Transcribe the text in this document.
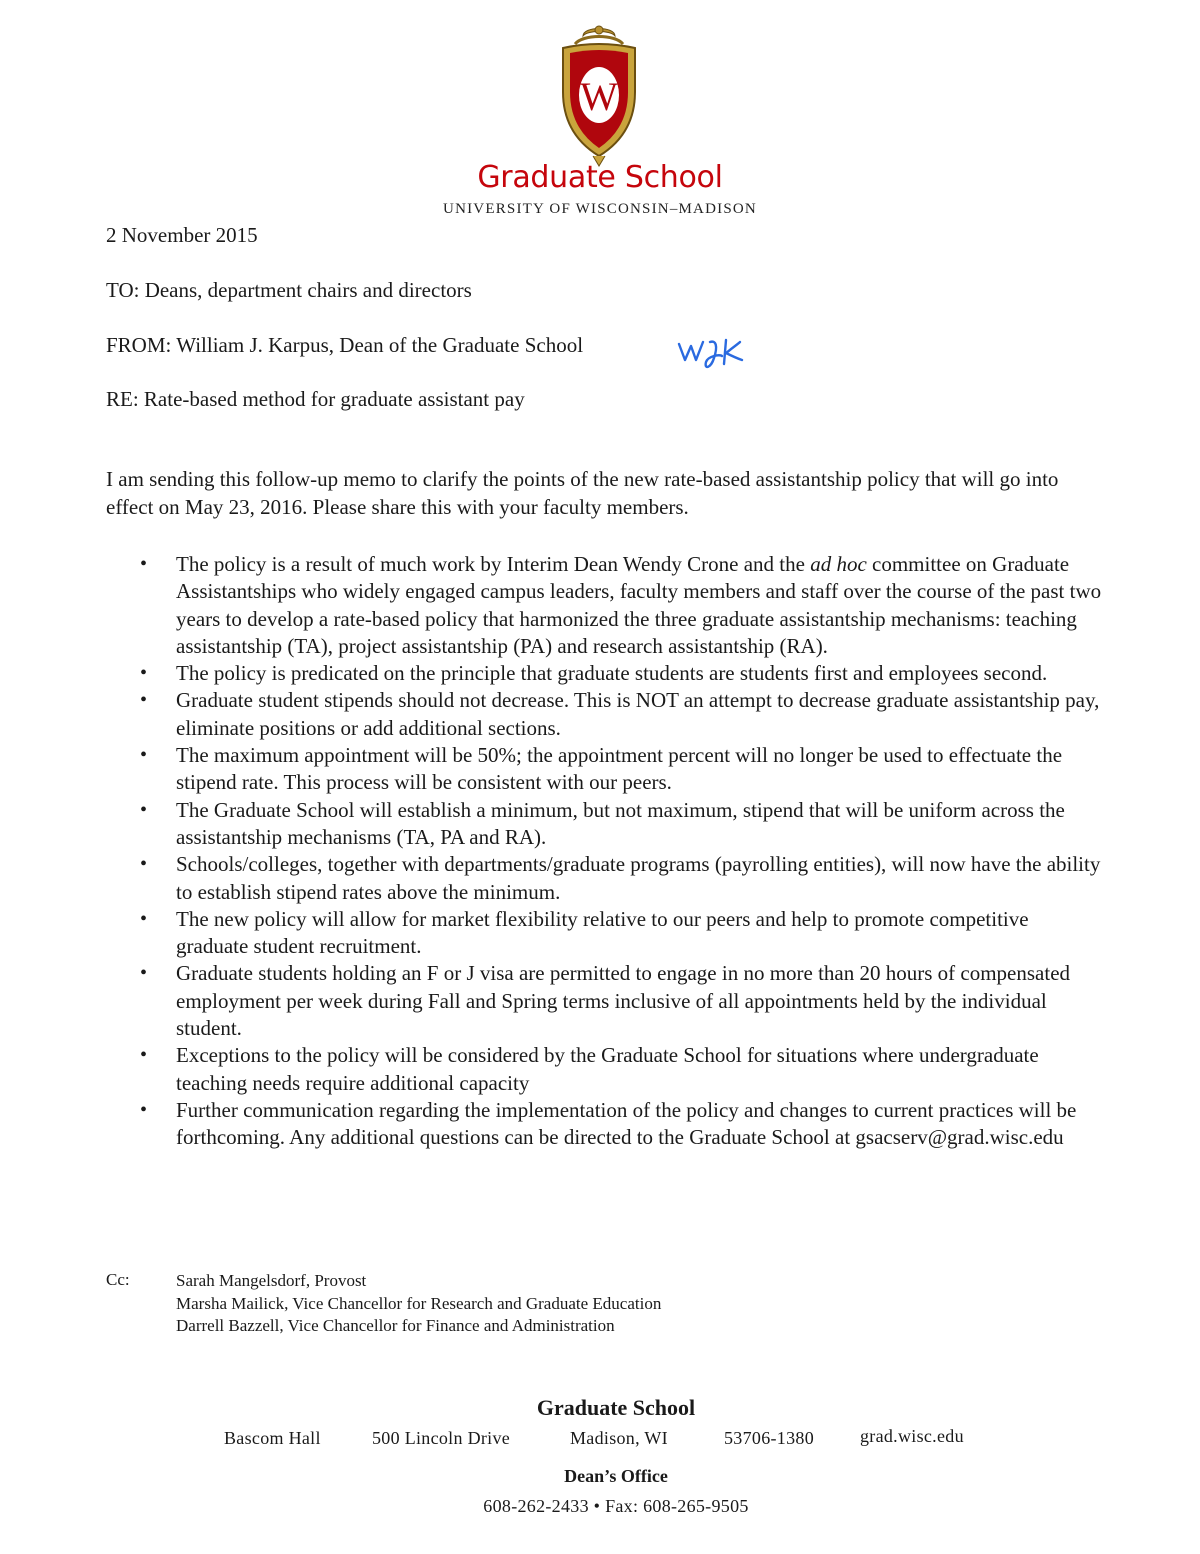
W
Graduate School
UNIVERSITY OF WISCONSIN–MADISON
2 November 2015
TO: Deans, department chairs and directors
FROM: William J. Karpus, Dean of the Graduate School
RE: Rate-based method for graduate assistant pay
I am sending this follow-up memo to clarify the points of the new rate-based assistantship policy that will go into effect on May 23, 2016. Please share this with your faculty members.
• The policy is a result of much work by Interim Dean Wendy Crone and the ad hoc committee on Graduate Assistantships who widely engaged campus leaders, faculty members and staff over the course of the past two years to develop a rate-based policy that harmonized the three graduate assistantship mechanisms: teaching assistantship (TA), project assistantship (PA) and research assistantship (RA).
• The policy is predicated on the principle that graduate students are students first and employees second.
• Graduate student stipends should not decrease. This is NOT an attempt to decrease graduate assistantship pay, eliminate positions or add additional sections.
• The maximum appointment will be 50%; the appointment percent will no longer be used to effectuate the stipend rate. This process will be consistent with our peers.
• The Graduate School will establish a minimum, but not maximum, stipend that will be uniform across the assistantship mechanisms (TA, PA and RA).
• Schools/colleges, together with departments/graduate programs (payrolling entities), will now have the ability to establish stipend rates above the minimum.
• The new policy will allow for market flexibility relative to our peers and help to promote competitive graduate student recruitment.
• Graduate students holding an F or J visa are permitted to engage in no more than 20 hours of compensated employment per week during Fall and Spring terms inclusive of all appointments held by the individual student.
• Exceptions to the policy will be considered by the Graduate School for situations where undergraduate teaching needs require additional capacity
• Further communication regarding the implementation of the policy and changes to current practices will be forthcoming. Any additional questions can be directed to the Graduate School at gsacserv@grad.wisc.edu
Cc:	Sarah Mangelsdorf, Provost
Marsha Mailick, Vice Chancellor for Research and Graduate Education
Darrell Bazzell, Vice Chancellor for Finance and Administration
Graduate School
Bascom Hall	500 Lincoln Drive	Madison, WI	53706-1380	grad.wisc.edu
Dean’s Office
608-262-2433 • Fax: 608-265-9505
